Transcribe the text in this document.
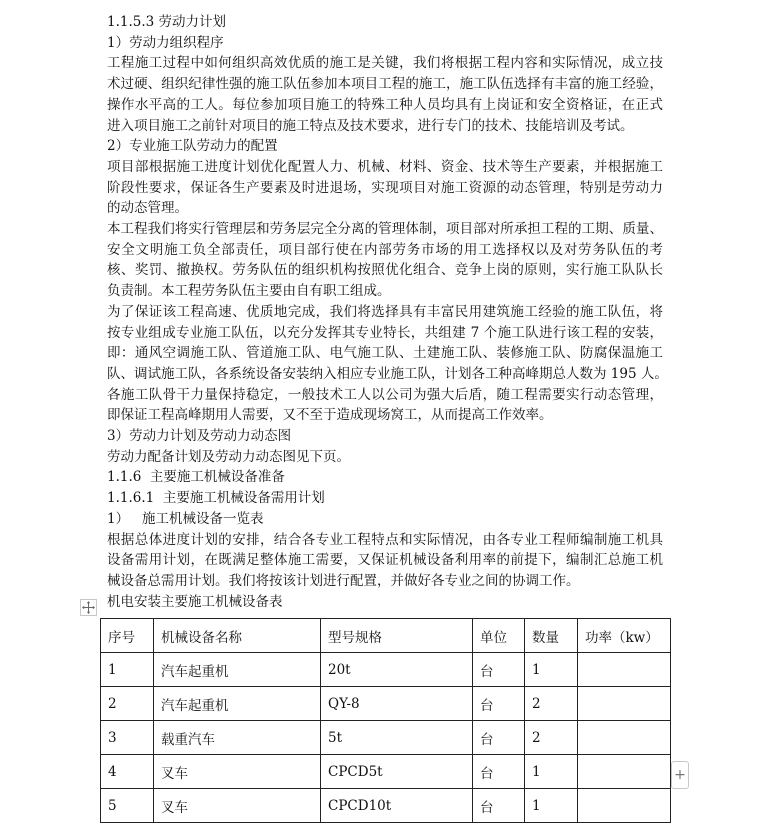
1.1.5.3 劳动力计划
1）劳动力组织程序
工程施工过程中如何组织高效优质的施工是关键，我们将根据工程内容和实际情况，成立技
术过硬、组织纪律性强的施工队伍参加本项目工程的施工，施工队伍选择有丰富的施工经验，
操作水平高的工人。每位参加项目施工的特殊工种人员均具有上岗证和安全资格证，在正式
进入项目施工之前针对项目的施工特点及技术要求，进行专门的技术、技能培训及考试。
2）专业施工队劳动力的配置
项目部根据施工进度计划优化配置人力、机械、材料、资金、技术等生产要素，并根据施工
阶段性要求，保证各生产要素及时进退场，实现项目对施工资源的动态管理，特别是劳动力
的动态管理。
本工程我们将实行管理层和劳务层完全分离的管理体制，项目部对所承担工程的工期、质量、
安全文明施工负全部责任，项目部行使在内部劳务市场的用工选择权以及对劳务队伍的考
核、奖罚、撤换权。劳务队伍的组织机构按照优化组合、竞争上岗的原则，实行施工队队长
负责制。本工程劳务队伍主要由自有职工组成。
为了保证该工程高速、优质地完成，我们将选择具有丰富民用建筑施工经验的施工队伍，将
按专业组成专业施工队伍，以充分发挥其专业特长，共组建 7 个施工队进行该工程的安装，
即：通风空调施工队、管道施工队、电气施工队、土建施工队、装修施工队、防腐保温施工
队、调试施工队，各系统设备安装纳入相应专业施工队，计划各工种高峰期总人数为 195 人。
各施工队骨干力量保持稳定，一般技术工人以公司为强大后盾，随工程需要实行动态管理，
即保证工程高峰期用人需要，又不至于造成现场窝工，从而提高工作效率。
3）劳动力计划及劳动力动态图
劳动力配备计划及劳动力动态图见下页。
1.1.6  主要施工机械设备准备
1.1.6.1  主要施工机械设备需用计划
1）   施工机械设备一览表
根据总体进度计划的安排，结合各专业工程特点和实际情况，由各专业工程师编制施工机具
设备需用计划，在既满足整体施工需要，又保证机械设备利用率的前提下，编制汇总施工机
械设备总需用计划。我们将按该计划进行配置，并做好各专业之间的协调工作。
机电安装主要施工机械设备表
序号	机械设备名称	型号规格	单位	数量	功率（kw）
1	汽车起重机	20t	台	1	
2	汽车起重机	QY-8	台	2	
3	载重汽车	5t	台	2	
4	叉车	CPCD5t	台	1	
5	叉车	CPCD10t	台	1	
+
